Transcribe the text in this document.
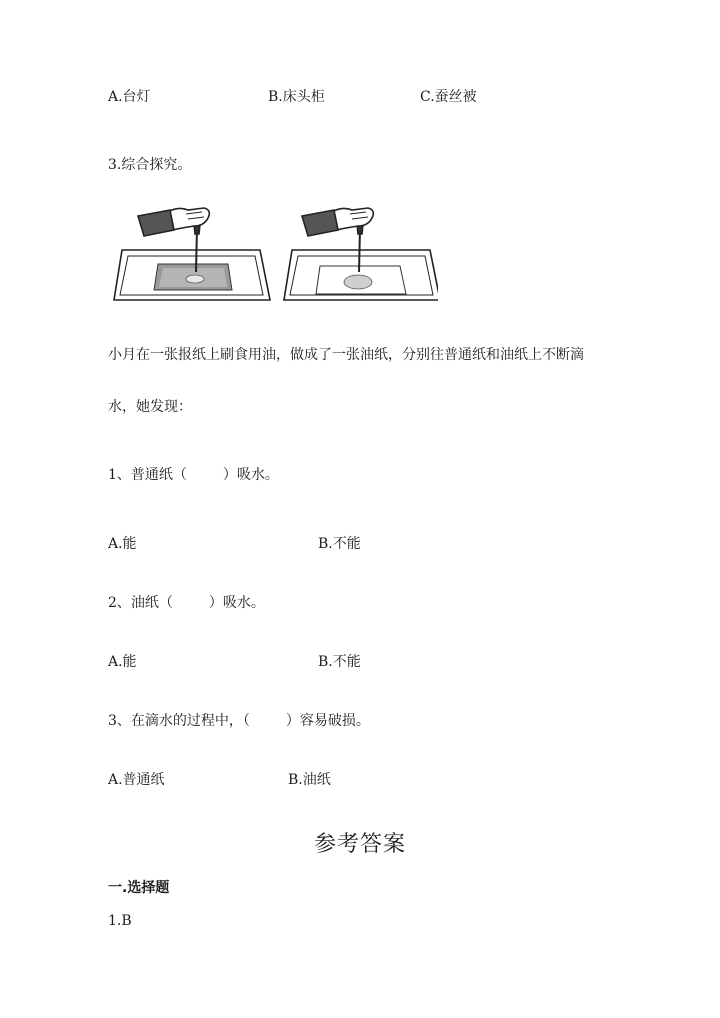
A.台灯	B.床头柜	C.蚕丝被
3.综合探究。
小月在一张报纸上刷食用油，做成了一张油纸，分别往普通纸和油纸上不断滴
水，她发现：
1、普通纸（	）吸水。
A.能	B.不能
2、油纸（	）吸水。
A.能	B.不能
3、在滴水的过程中，（	）容易破损。
A.普通纸	B.油纸
参考答案
一.选择题
1.B
